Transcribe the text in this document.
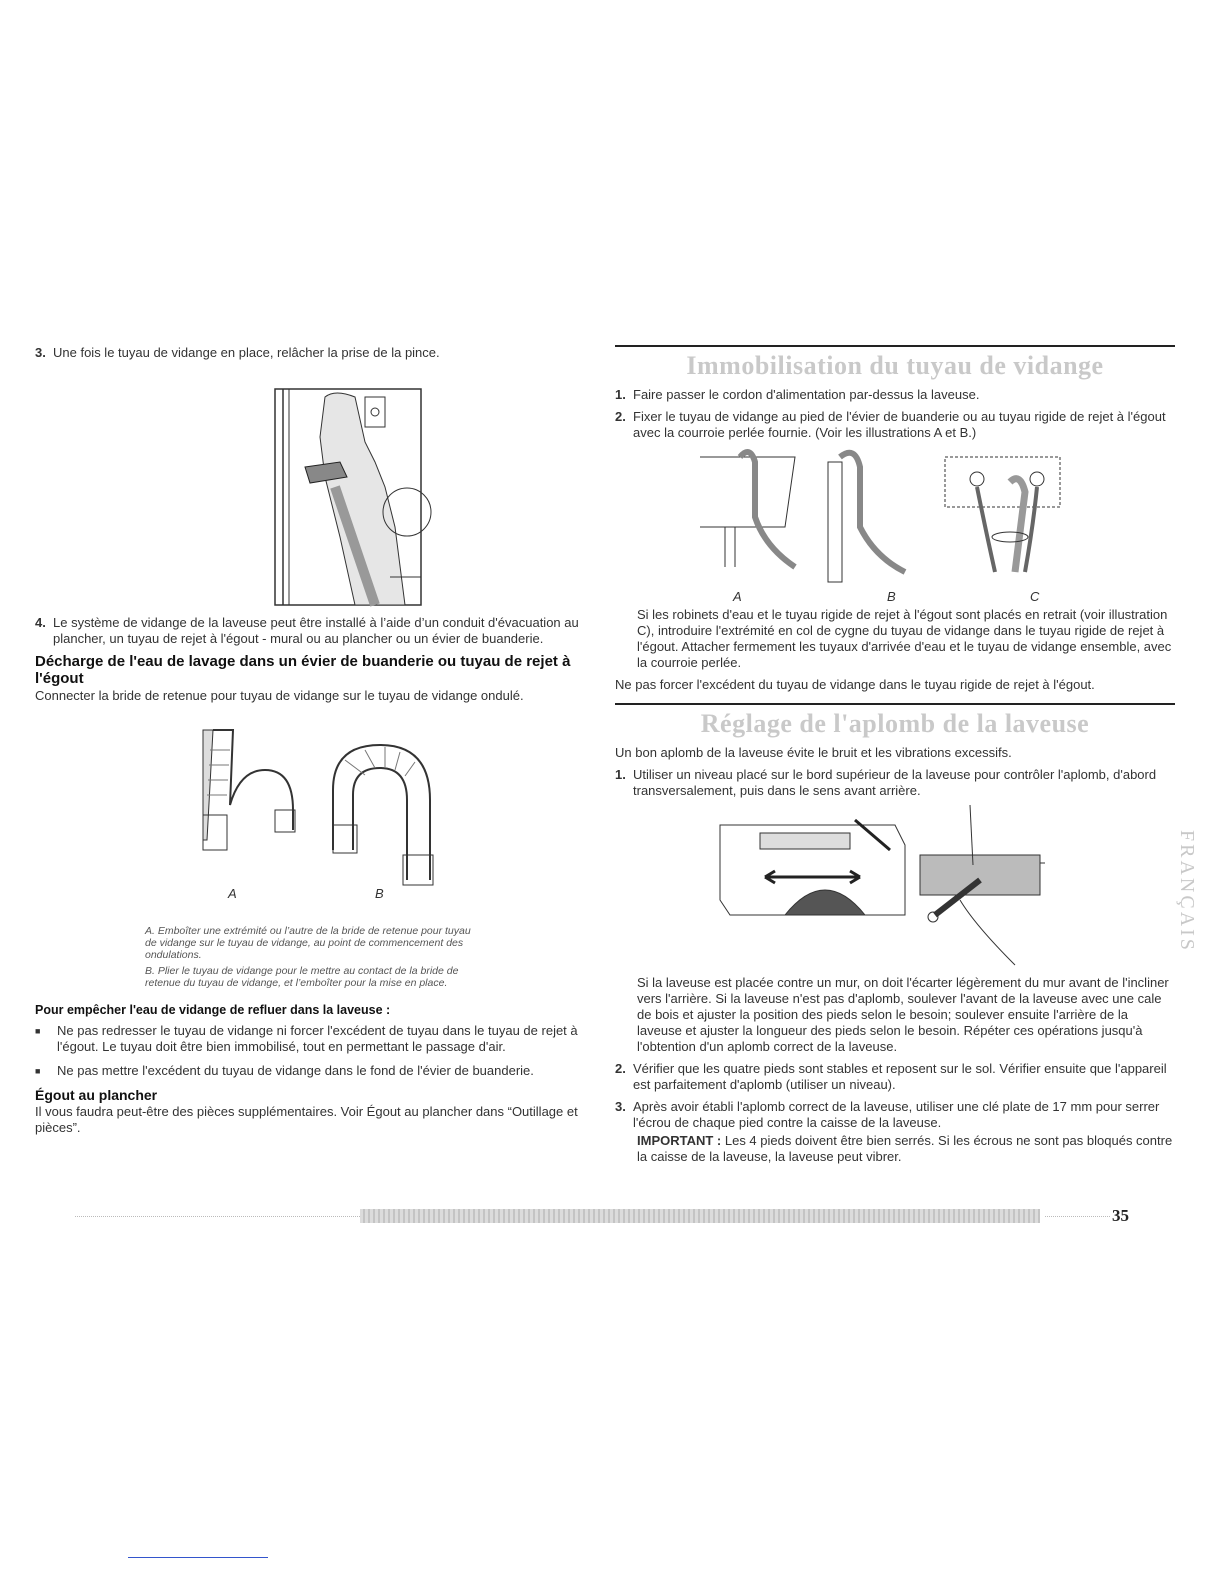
3. Une fois le tuyau de vidange en place, relâcher la prise de la pince.
4. Le système de vidange de la laveuse peut être installé à l’aide d’un conduit d'évacuation au plancher, un tuyau de rejet à l'égout - mural ou au plancher ou un évier de buanderie.
Décharge de l'eau de lavage dans un évier de buanderie ou tuyau de rejet à l'égout
Connecter la bride de retenue pour tuyau de vidange sur le tuyau de vidange ondulé.
A	B
A. Emboîter une extrémité ou l’autre de la bride de retenue pour tuyau de vidange sur le tuyau de vidange, au point de commencement des ondulations.
B. Plier le tuyau de vidange pour le mettre au contact de la bride de retenue du tuyau de vidange, et l’emboîter pour la mise en place.
Pour empêcher l'eau de vidange de refluer dans la laveuse :
■	Ne pas redresser le tuyau de vidange ni forcer l'excédent de tuyau dans le tuyau de rejet à l'égout. Le tuyau doit être bien immobilisé, tout en permettant le passage d'air.
■	Ne pas mettre l'excédent du tuyau de vidange dans le fond de l'évier de buanderie.
Égout au plancher
Il vous faudra peut-être des pièces supplémentaires. Voir Égout au plancher dans “Outillage et pièces”.
Immobilisation du tuyau de vidange
1. Faire passer le cordon d'alimentation par-dessus la laveuse.
2. Fixer le tuyau de vidange au pied de l'évier de buanderie ou au tuyau rigide de rejet à l'égout avec la courroie perlée fournie. (Voir les illustrations A et B.)
A	B	C
Si les robinets d'eau et le tuyau rigide de rejet à l'égout sont placés en retrait (voir illustration C), introduire l'extrémité en col de cygne du tuyau de vidange dans le tuyau rigide de rejet à l'égout. Attacher fermement les tuyaux d'arrivée d'eau et le tuyau de vidange ensemble, avec la courroie perlée.
Ne pas forcer l'excédent du tuyau de vidange dans le tuyau rigide de rejet à l'égout.
Réglage de l'aplomb de la laveuse
Un bon aplomb de la laveuse évite le bruit et les vibrations excessifs.
1. Utiliser un niveau placé sur le bord supérieur de la laveuse pour contrôler l'aplomb, d'abord transversalement, puis dans le sens avant arrière.
Si la laveuse est placée contre un mur, on doit l'écarter légèrement du mur avant de l'incliner vers l'arrière. Si la laveuse n'est pas d'aplomb, soulever l'avant de la laveuse avec une cale de bois et ajuster la position des pieds selon le besoin; soulever ensuite l'arrière de la laveuse et ajuster la longueur des pieds selon le besoin. Répéter ces opérations jusqu'à l'obtention d'un aplomb correct de la laveuse.
2. Vérifier que les quatre pieds sont stables et reposent sur le sol. Vérifier ensuite que l'appareil est parfaitement d'aplomb (utiliser un niveau).
3. Après avoir établi l'aplomb correct de la laveuse, utiliser une clé plate de 17 mm pour serrer l'écrou de chaque pied contre la caisse de la laveuse.
IMPORTANT : Les 4 pieds doivent être bien serrés. Si les écrous ne sont pas bloqués contre la caisse de la laveuse, la laveuse peut vibrer.
FRANÇAIS
35
